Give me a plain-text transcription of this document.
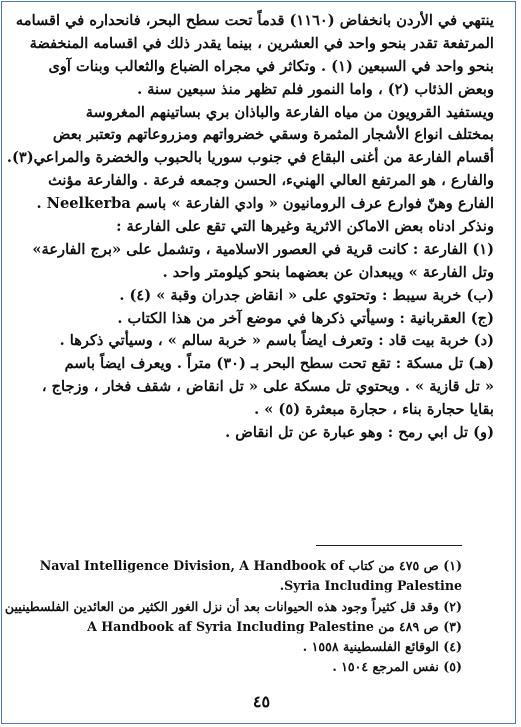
ينتهي في الأردن بانخفاض (١١٦٠) قدماً تحت سطح البحر، فانحداره في اقسامه
المرتفعة تقدر بنحو واحد في العشرين ، بينما يقدر ذلك في اقسامه المنخفضة
بنحو واحد في السبعين (١) . وتكاثر في مجراه الضباع والثعالب وبنات آوى
وبعض الذئاب (٢) ، واما النمور فلم تظهر منذ سبعين سنة .
ويستفيد القرويون من مياه الفارعة والباذان بري بساتينهم المغروسة
بمختلف انواع الأشجار المثمرة وسقي خضرواتهم ومزروعاتهم وتعتبر بعض
أقسام الفارعة من أغنى البقاع في جنوب سوريا بالحبوب والخضرة والمراعي(٣).
والفارع ، هو المرتفع العالي الهنيء، الحسن وجمعه فرعة . والفارعة مؤنث
الفارع وهنّ فوارع عرف الرومانيون « وادي الفارعة » باسم Neelkerba .
ونذكر ادناه بعض الاماكن الاثرية وغيرها التي تقع على الفارعة :
(١) الفارعة : كانت قرية في العصور الاسلامية ، وتشمل على «برج الفارعة»
وتل الفارعة » ويبعدان عن بعضهما بنحو كيلومتر واحد .
(ب) خربة سيبط : وتحتوي على « انقاض جدران وقبة » (٤) .
(ج) العقربانية : وسيأتي ذكرها في موضع آخر من هذا الكتاب .
(د) خربة بيت قاد : وتعرف ايضاً باسم « خربة سالم » ، وسيأتي ذكرها .
(هـ) تل مسكة : تقع تحت سطح البحر بـ (٣٠) متراً . ويعرف ايضاً باسم
« تل قازية » . ويحتوي تل مسكة على « تل انقاض ، شقف فخار ، وزجاج ،
بقايا حجارة بناء ، حجارة مبعثرة (٥) » .
(و) تل ابي رمح : وهو عبارة عن تل انقاض .
(١) ص ٤٧٥ من كتاب Naval Intelligence Division, A Handbook of
Syria Including Palestine.
(٢) وقد قل كثيراً وجود هذه الحيوانات بعد أن نزل الغور الكثير من العائدين الفلسطينيين
(٣) ص ٤٨٩ من A Handbook af Syria Including Palestine
(٤) الوقائع الفلسطينية ١٥٥٨ .
(٥) نفس المرجع ١٥٠٤ .
٤٥
